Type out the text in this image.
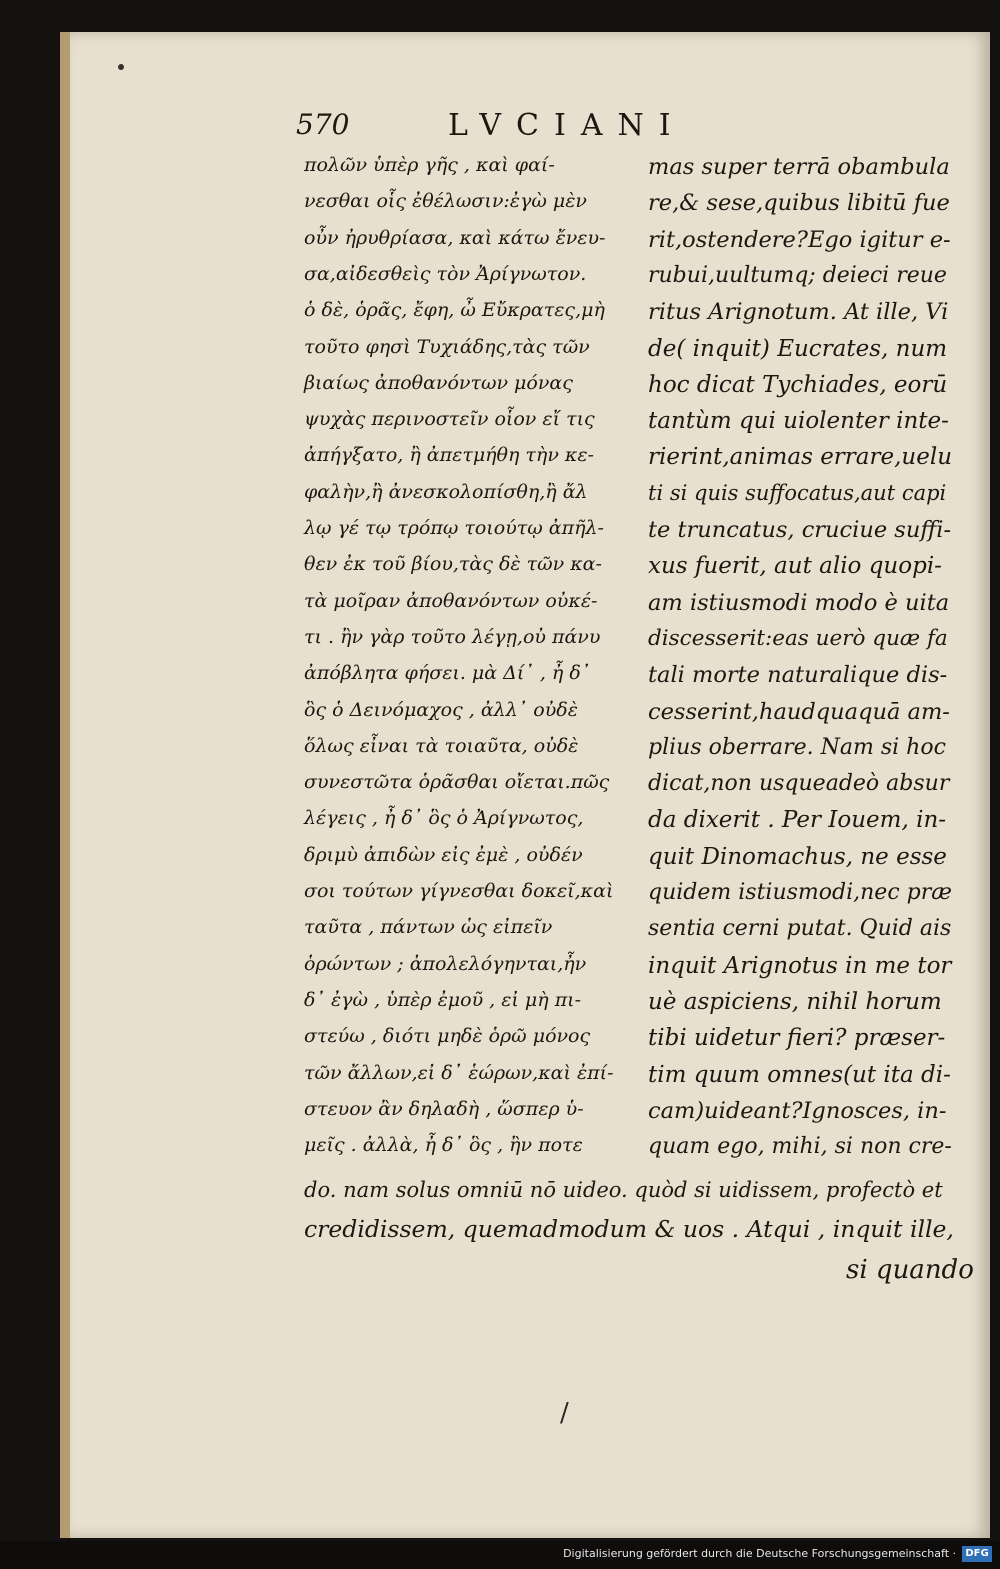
570	LVCIANI

πολῶν ὑπὲρ γῆς , καὶ φαί-

νεσθαι οἷς ἐθέλωσιν:ἐγὼ μὲν

οὖν ἠρυθρίασα, καὶ κάτω ἔνευ-

σα,αἰδεσθεὶς τὸν Ἀρίγνωτον.

ὁ δὲ, ὁρᾶς, ἔφη, ὦ Εὔκρατες,μὴ

τοῦτο φησὶ Τυχιάδης,τὰς τῶν

βιαίως ἀποθανόντων μόνας

ψυχὰς περινοστεῖν οἷον εἴ τις

ἀπήγξατο, ἢ ἀπετμήθη τὴν κε-

φαλὴν,ἢ ἀνεσκολοπίσθη,ἢ ἄλ

λῳ γέ τῳ τρόπῳ τοιούτῳ ἀπῆλ-

θεν ἐκ τοῦ βίου,τὰς δὲ τῶν κα-

τὰ μοῖραν ἀποθανόντων οὐκέ-

τι . ἢν γὰρ τοῦτο λέγῃ,οὐ πάνυ

ἀπόβλητα φήσει. μὰ Δί᾽ , ἦ δ᾽

ὃς ὁ Δεινόμαχος , ἀλλ᾽ οὐδὲ

ὅλως εἶναι τὰ τοιαῦτα, οὐδὲ

συνεστῶτα ὁρᾶσθαι οἴεται.πῶς

λέγεις , ἦ δ᾽ ὃς ὁ Ἀρίγνωτος,

δριμὺ ἀπιδὼν εἰς ἐμὲ , οὐδέν

σοι τούτων γίγνεσθαι δοκεῖ,καὶ

ταῦτα , πάντων ὡς εἰπεῖν

ὁρώντων ; ἀπολελόγηνται,ἦν

δ᾽ ἐγὼ , ὑπὲρ ἐμοῦ , εἰ μὴ πι-

στεύω , διότι μηδὲ ὁρῶ μόνος

τῶν ἄλλων,εἰ δ᾽ ἑώρων,καὶ ἐπί-

στευον ἂν δηλαδὴ , ὥσπερ ὑ-

μεῖς . ἀλλὰ, ἦ δ᾽ ὃς , ἢν ποτε

mas super terrā obambula

re,& sese,quibus libitū fue

rit,ostendere?Ego igitur e-

rubui,uultumq; deieci reue

ritus Arignotum. At ille, Vi

de( inquit) Eucrates, num

hoc dicat Tychiades, eorū

tantùm qui uiolenter inte-

rierint,animas errare,uelu

ti si quis suffocatus,aut capi

te truncatus, cruciue suffi-

xus fuerit, aut alio quopi-

am istiusmodi modo è uita

discesserit:eas uerò quæ fa

tali morte naturalique dis-

cesserint,haudquaquā am-

plius oberrare. Nam si hoc

dicat,non usqueadeò absur

da dixerit . Per Iouem, in-

quit Dinomachus, ne esse

quidem istiusmodi,nec præ

sentia cerni putat. Quid ais

inquit Arignotus in me tor

uè aspiciens, nihil horum

tibi uidetur fieri? præser-

tim quum omnes(ut ita di-

cam)uideant?Ignosces, in-

quam ego, mihi, si non cre-

do. nam solus omniū nō uideo. quòd si uidissem, profectò et

credidissem, quemadmodum & uos . Atqui , inquit ille,

si quando

/
Digitalisierung gefördert durch die Deutsche Forschungsgemeinschaft · DFG
